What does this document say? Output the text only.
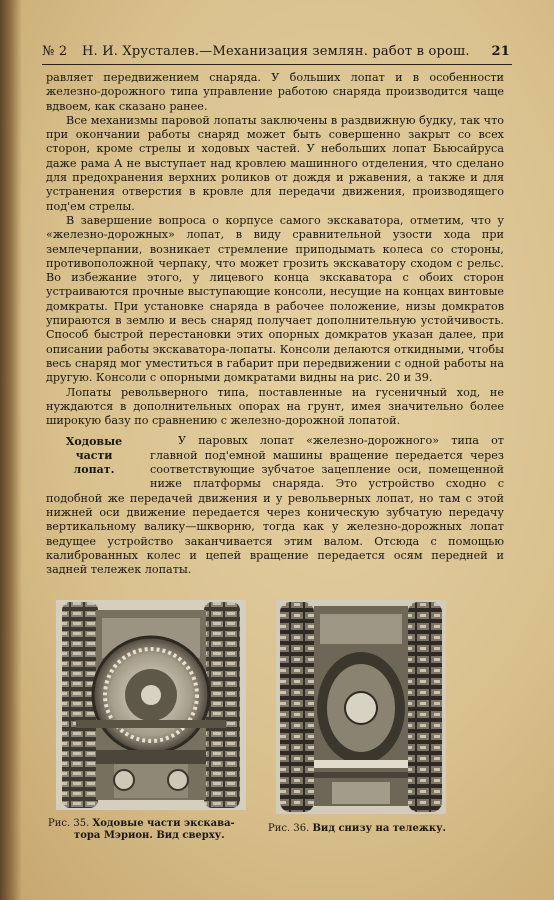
№ 2	Н. И. Хрусталев.—Механизация землян. работ в орош.	21

равляет передвижением снаряда. У больших лопат и в особенности железно-дорожного типа управление работою снаряда производится чаще вдвоем, как сказано ранее.

Все механизмы паровой лопаты заключены в раздвижную будку, так что при окончании работы снаряд может быть совершенно закрыт со всех сторон, кроме стрелы и ходовых частей. У небольших лопат Бьюсайруса даже рама А не выступает над кровлею машинного отделения, что сделано для предохранения верхних роликов от дождя и ржавения, а также и для устранения отверстия в кровле для передачи движения, производящего под'ем стрелы.

В завершение вопроса о корпусе самого экскаватора, отметим, что у «железно-дорожных» лопат, в виду сравнительной узости хода при землечерпании, возникает стремление приподымать колеса со стороны, противоположной черпаку, что может грозить экскаватору сходом с рельс. Во избежание этого, у лицевого конца экскаватора с обоих сторон устраиваются прочные выступающие консоли, несущие на концах винтовые домкраты. При установке снаряда в рабочее положение, низы домкратов упираются в землю и весь снаряд получает дополнительную устойчивость. Способ быстрой перестановки этих опорных домкратов указан далее, при описании работы экскаватора-лопаты. Консоли делаются откидными, чтобы весь снаряд мог уместиться в габарит при передвижении с одной работы на другую. Консоли с опорными домкратами видны на рис. 20 и 39.

Лопаты револьверного типа, поставленные на гусеничный ход, не нуждаются в дополнительных опорах на грунт, имея значительно более широкую базу по сравнению с железно-дорожной лопатой.

Ходовые части
лопат.

У паровых лопат «железно-дорожного» типа от главной под'емной машины вращение передается через соответствующие зубчатое зацепление оси, помещенной ниже платформы снаряда. Это устройство сходно с подобной же передачей движения и у револьверных лопат, но там с этой нижней оси движение передается через коническую зубчатую передачу вертикальному валику—шкворню, тогда как у железно-дорожных лопат ведущее устройство заканчивается этим валом. Отсюда с помощью калиброванных колес и цепей вращение передается осям передней и задней тележек лопаты.

Рис. 35. Ходовые части экскава-
тора Мэрион. Вид сверху.
Рис. 36. Вид снизу на тележку.
